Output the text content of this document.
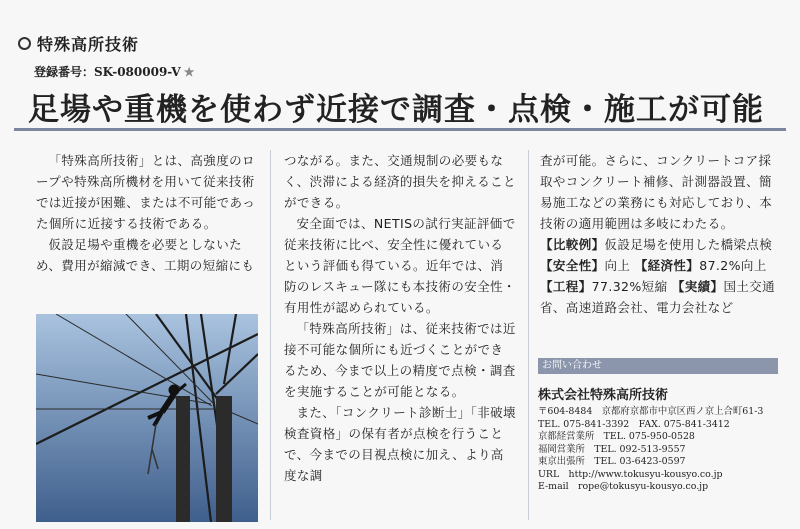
特殊高所技術
登録番号：SK-080009-V ★
足場や重機を使わず近接で調査・点検・施工が可能

「特殊高所技術」とは、高強度のロープや特殊高所機材を用いて従来技術では近接が困難、または不可能であった個所に近接する技術である。

仮設足場や重機を必要としないため、費用が縮減でき、工期の短縮にも

つながる。また、交通規制の必要もなく、渋滞による経済的損失を抑えることができる。

安全面では、NETISの試行実証評価で従来技術に比べ、安全性に優れているという評価も得ている。近年では、消防のレスキュー隊にも本技術の安全性・有用性が認められている。

「特殊高所技術」は、従来技術では近接不可能な個所にも近づくことができるため、今まで以上の精度で点検・調査を実施することが可能となる。

また、「コンクリート診断士」「非破壊検査資格」の保有者が点検を行うことで、今までの目視点検に加え、より高度な調

査が可能。さらに、コンクリートコア採取やコンクリート補修、計測器設置、簡易施工などの業務にも対応しており、本技術の適用範囲は多岐にわたる。

【比較例】仮設足場を使用した橋梁点検
【安全性】向上 【経済性】87.2%向上
【工程】77.32%短縮 【実績】国土交通省、高速道路会社、電力会社など

お問い合わせ
株式会社特殊高所技術
〒604-8484　京都府京都市中京区西ノ京上合町61-3
TEL. 075-841-3392　FAX. 075-841-3412
京都経営業所　TEL. 075-950-0528
福岡営業所　TEL. 092-513-9557
東京出張所　TEL. 03-6423-0597
URL　http://www.tokusyu-kousyo.co.jp
E-mail　rope@tokusyu-kousyo.co.jp
